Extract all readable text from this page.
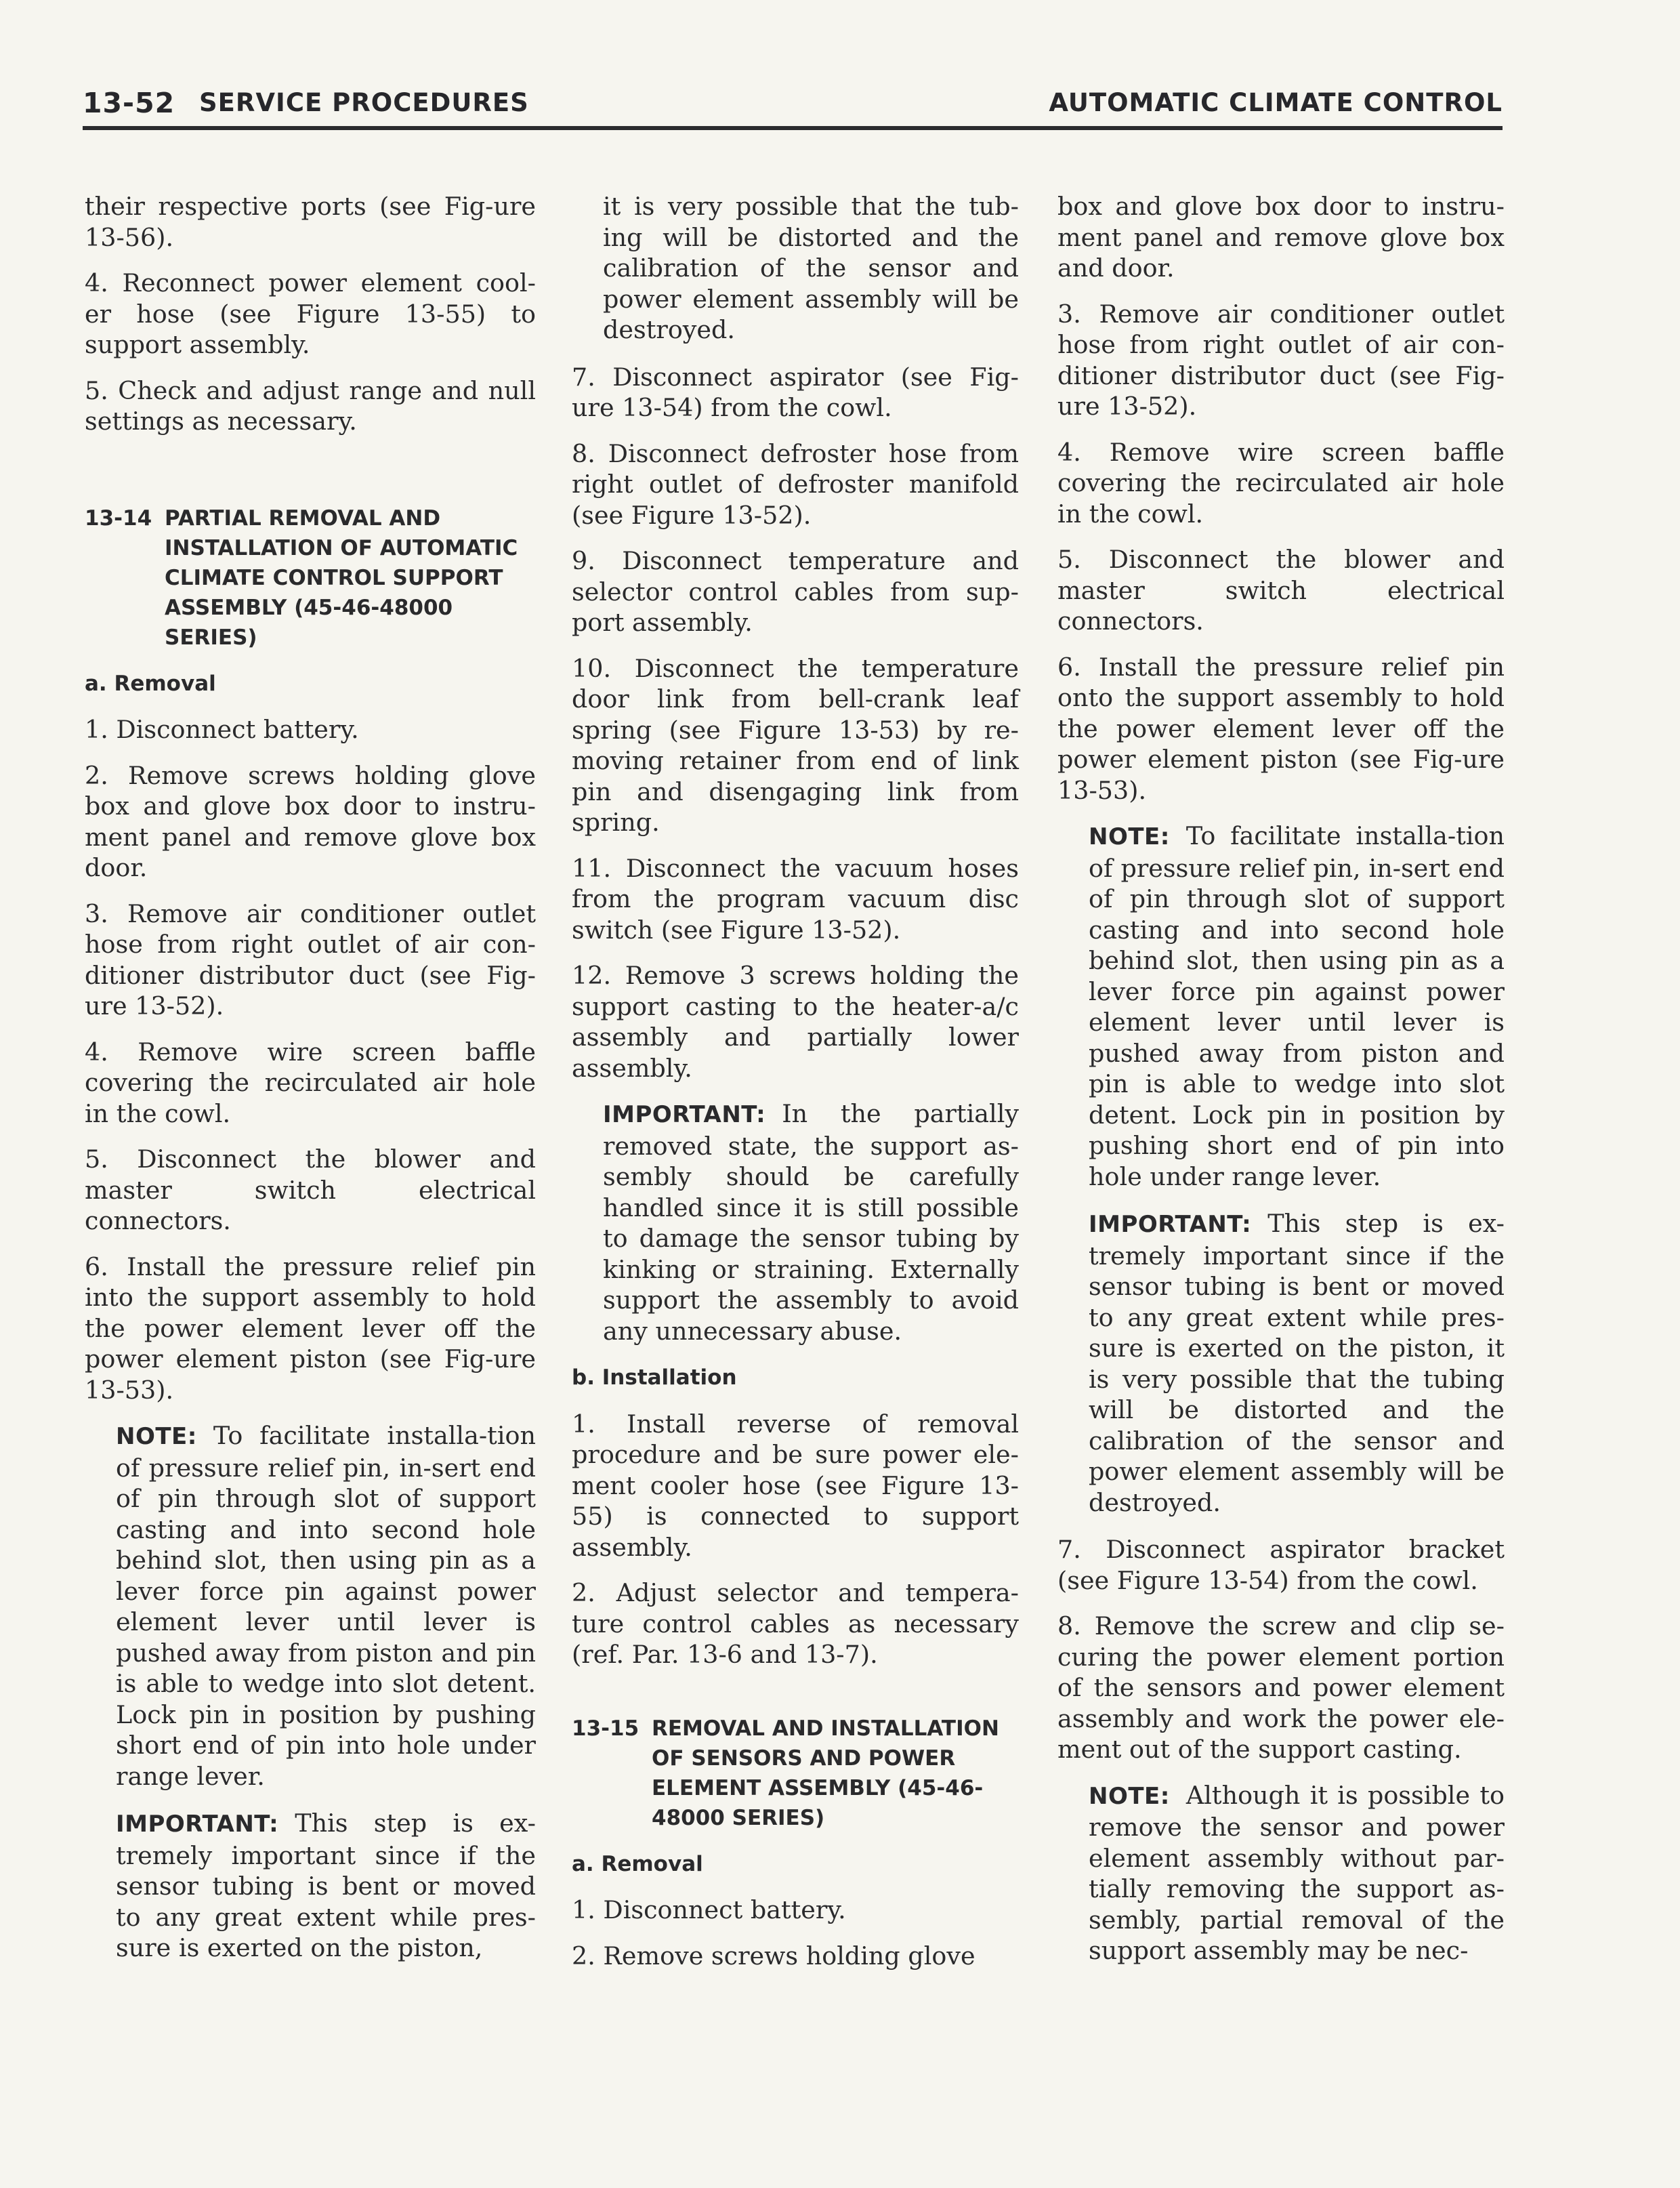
13-52 SERVICE PROCEDURES	AUTOMATIC CLIMATE CONTROL

their respective ports (see Fig-ure 13-56).

4. Reconnect power element cool-er hose (see Figure 13-55) to support assembly.

5. Check and adjust range and null settings as necessary.

13-14 PARTIAL REMOVAL AND INSTALLATION OF AUTOMATIC CLIMATE CONTROL SUPPORT ASSEMBLY (45-46-48000 SERIES)
a. Removal

1. Disconnect battery.

2. Remove screws holding glove box and glove box door to instru-ment panel and remove glove box door.

3. Remove air conditioner outlet hose from right outlet of air con-ditioner distributor duct (see Fig-ure 13-52).

4. Remove wire screen baffle covering the recirculated air hole in the cowl.

5. Disconnect the blower and master switch electrical connectors.

6. Install the pressure relief pin into the support assembly to hold the power element lever off the power element piston (see Fig-ure 13-53).

NOTE: To facilitate installa-tion of pressure relief pin, in-sert end of pin through slot of support casting and into second hole behind slot, then using pin as a lever force pin against power element lever until lever is pushed away from piston and pin is able to wedge into slot detent. Lock pin in position by pushing short end of pin into hole under range lever.

IMPORTANT: This step is ex-tremely important since if the sensor tubing is bent or moved to any great extent while pres-sure is exerted on the piston,

it is very possible that the tub-ing will be distorted and the calibration of the sensor and power element assembly will be destroyed.

7. Disconnect aspirator (see Fig-ure 13-54) from the cowl.

8. Disconnect defroster hose from right outlet of defroster manifold (see Figure 13-52).

9. Disconnect temperature and selector control cables from sup-port assembly.

10. Disconnect the temperature door link from bell-crank leaf spring (see Figure 13-53) by re-moving retainer from end of link pin and disengaging link from spring.

11. Disconnect the vacuum hoses from the program vacuum disc switch (see Figure 13-52).

12. Remove 3 screws holding the support casting to the heater-a/c assembly and partially lower assembly.

IMPORTANT: In the partially removed state, the support as-sembly should be carefully handled since it is still possible to damage the sensor tubing by kinking or straining. Externally support the assembly to avoid any unnecessary abuse.

b. Installation

1. Install reverse of removal procedure and be sure power ele-ment cooler hose (see Figure 13-55) is connected to support assembly.

2. Adjust selector and tempera-ture control cables as necessary (ref. Par. 13-6 and 13-7).

13-15 REMOVAL AND INSTALLATION OF SENSORS AND POWER ELEMENT ASSEMBLY (45-46-48000 SERIES)
a. Removal

1. Disconnect battery.

2. Remove screws holding glove

box and glove box door to instru-ment panel and remove glove box and door.

3. Remove air conditioner outlet hose from right outlet of air con-ditioner distributor duct (see Fig-ure 13-52).

4. Remove wire screen baffle covering the recirculated air hole in the cowl.

5. Disconnect the blower and master switch electrical connectors.

6. Install the pressure relief pin onto the support assembly to hold the power element lever off the power element piston (see Fig-ure 13-53).

NOTE: To facilitate installa-tion of pressure relief pin, in-sert end of pin through slot of support casting and into second hole behind slot, then using pin as a lever force pin against power element lever until lever is pushed away from piston and pin is able to wedge into slot detent. Lock pin in position by pushing short end of pin into hole under range lever.

IMPORTANT: This step is ex-tremely important since if the sensor tubing is bent or moved to any great extent while pres-sure is exerted on the piston, it is very possible that the tubing will be distorted and the calibration of the sensor and power element assembly will be destroyed.

7. Disconnect aspirator bracket (see Figure 13-54) from the cowl.

8. Remove the screw and clip se-curing the power element portion of the sensors and power element assembly and work the power ele-ment out of the support casting.

NOTE: Although it is possible to remove the sensor and power element assembly without par-tially removing the support as-sembly, partial removal of the support assembly may be nec-
